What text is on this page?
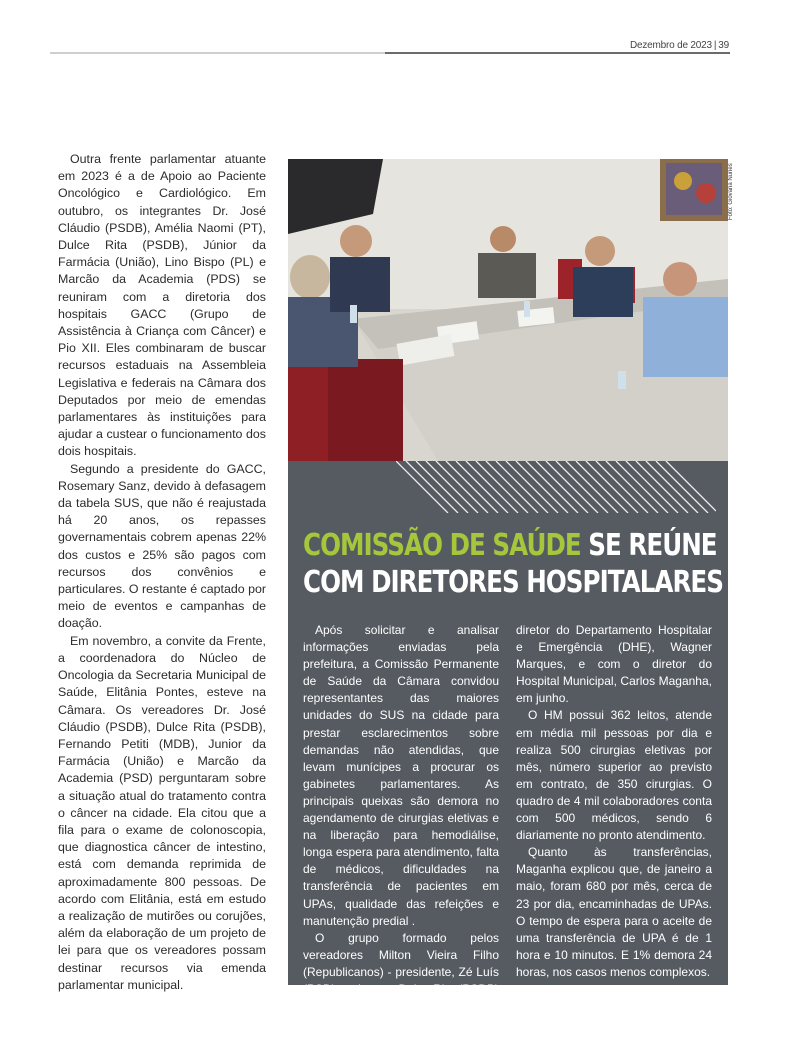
Dezembro de 2023 | 39

Outra frente parlamentar atuante em 2023 é a de Apoio ao Paciente Oncológico e Cardiológico. Em outubro, os integrantes Dr. José Cláudio (PSDB), Amélia Naomi (PT), Dulce Rita (PSDB), Júnior da Farmácia (União), Lino Bispo (PL) e Marcão da Academia (PDS) se reuniram com a diretoria dos hospitais GACC (Grupo de Assistência à Criança com Câncer) e Pio XII. Eles combinaram de buscar recursos estaduais na Assembleia Legislativa e federais na Câmara dos Deputados por meio de emendas parlamentares às instituições para ajudar a custear o funcionamento dos dois hospitais.

Segundo a presidente do GACC, Rosemary Sanz, devido à defasagem da tabela SUS, que não é reajustada há 20 anos, os repasses governamentais cobrem apenas 22% dos custos e 25% são pagos com recursos dos convênios e particulares. O restante é captado por meio de eventos e campanhas de doação.

Em novembro, a convite da Frente, a coordenadora do Núcleo de Oncologia da Secretaria Municipal de Saúde, Elitânia Pontes, esteve na Câmara. Os vereadores Dr. José Cláudio (PSDB), Dulce Rita (PSDB), Fernando Petiti (MDB), Junior da Farmácia (União) e Marcão da Academia (PSD) perguntaram sobre a situação atual do tratamento contra o câncer na cidade. Ela citou que a fila para o exame de colonoscopia, que diagnostica câncer de intestino, está com demanda reprimida de aproximadamente 800 pessoas. De acordo com Elitânia, está em estudo a realização de mutirões ou corujões, além da elaboração de um projeto de lei para que os vereadores possam destinar recursos via emenda parlamentar municipal.

Foto: Giovana Nunes
COMISSÃO DE SAÚDE SE REÚNE
COM DIRETORES HOSPITALARES

Após solicitar e analisar informações enviadas pela prefeitura, a Comissão Permanente de Saúde da Câmara convidou representantes das maiores unidades do SUS na cidade para prestar esclarecimentos sobre demandas não atendidas, que levam munícipes a procurar os gabinetes parlamentares. As principais queixas são demora no agendamento de cirurgias eletivas e na liberação para hemodiálise, longa espera para atendimento, falta de médicos, dificuldades na transferência de pacientes em UPAs, qualidade das refeições e manutenção predial .

O grupo formado pelos vereadores Milton Vieira Filho (Republicanos) - presidente, Zé Luís (PSD) - relator, e Dulce Rita (PSDB) se reuniu com o

diretor do Departamento Hospitalar e Emergência (DHE), Wagner Marques, e com o diretor do Hospital Municipal, Carlos Maganha, em junho.

O HM possui 362 leitos, atende em média mil pessoas por dia e realiza 500 cirurgias eletivas por mês, número superior ao previsto em contrato, de 350 cirurgias. O quadro de 4 mil colaboradores conta com 500 médicos, sendo 6 diariamente no pronto atendimento.

Quanto às transferências, Maganha explicou que, de janeiro a maio, foram 680 por mês, cerca de 23 por dia, encaminhadas de UPAs. O tempo de espera para o aceite de uma transferência de UPA é de 1 hora e 10 minutos. E 1% demora 24 horas, nos casos menos complexos.
